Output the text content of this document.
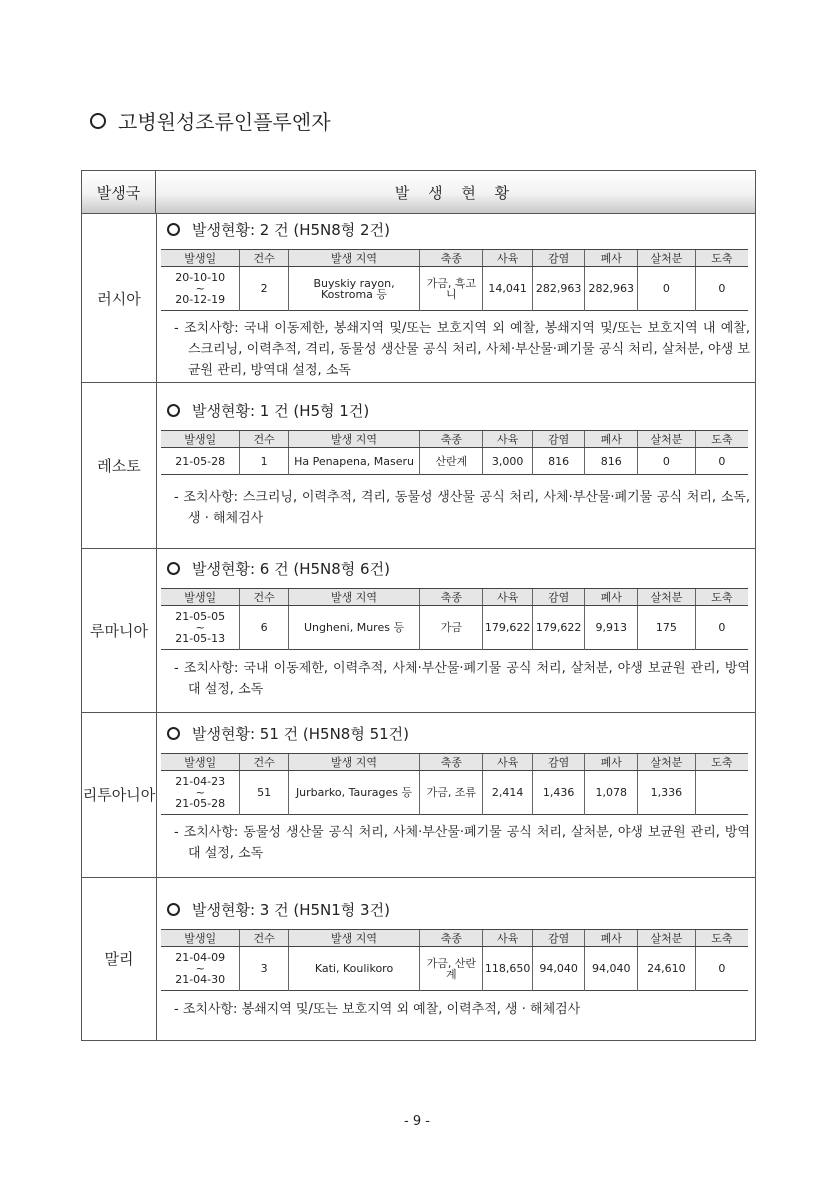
고병원성조류인플루엔자
발생국	발 생 현 황
러시아
발생현황: 2 건 (H5N8형 2건)
발생일	건수	발생 지역	축종	사육	감염	폐사	살처분	도축

20-10-10
~
20-12-19	2	Buyskiy rayon, Kostroma 등	가금, 흑고니	14,041	282,963	282,963	0	0
- 조치사항: 국내 이동제한, 봉쇄지역 및/또는 보호지역 외 예찰, 봉쇄지역 및/또는 보호지역 내 예찰, 스크리닝, 이력추적, 격리, 동물성 생산물 공식 처리, 사체·부산물·폐기물 공식 처리, 살처분, 야생 보균원 관리, 방역대 설정, 소독
레소토
발생현황: 1 건 (H5형 1건)
발생일	건수	발생 지역	축종	사육	감염	폐사	살처분	도축

21-05-28	1	Ha Penapena, Maseru	산란계	3,000	816	816	0	0
- 조치사항: 스크리닝, 이력추적, 격리, 동물성 생산물 공식 처리, 사체·부산물·폐기물 공식 처리, 소독, 생 · 해체검사
루마니아
발생현황: 6 건 (H5N8형 6건)
발생일	건수	발생 지역	축종	사육	감염	폐사	살처분	도축

21-05-05
~
21-05-13	6	Ungheni, Mures 등	가금	179,622	179,622	9,913	175	0
- 조치사항: 국내 이동제한, 이력추적, 사체·부산물·폐기물 공식 처리, 살처분, 야생 보균원 관리, 방역대 설정, 소독
리투아니아
발생현황: 51 건 (H5N8형 51건)
발생일	건수	발생 지역	축종	사육	감염	폐사	살처분	도축

21-04-23
~
21-05-28	51	Jurbarko, Taurages 등	가금, 조류	2,414	1,436	1,078	1,336	
- 조치사항: 동물성 생산물 공식 처리, 사체·부산물·폐기물 공식 처리, 살처분, 야생 보균원 관리, 방역대 설정, 소독
말리
발생현황: 3 건 (H5N1형 3건)
발생일	건수	발생 지역	축종	사육	감염	폐사	살처분	도축

21-04-09
~
21-04-30	3	Kati, Koulikoro	가금, 산란계	118,650	94,040	94,040	24,610	0
- 조치사항: 봉쇄지역 및/또는 보호지역 외 예찰, 이력추적, 생 · 해체검사
- 9 -
